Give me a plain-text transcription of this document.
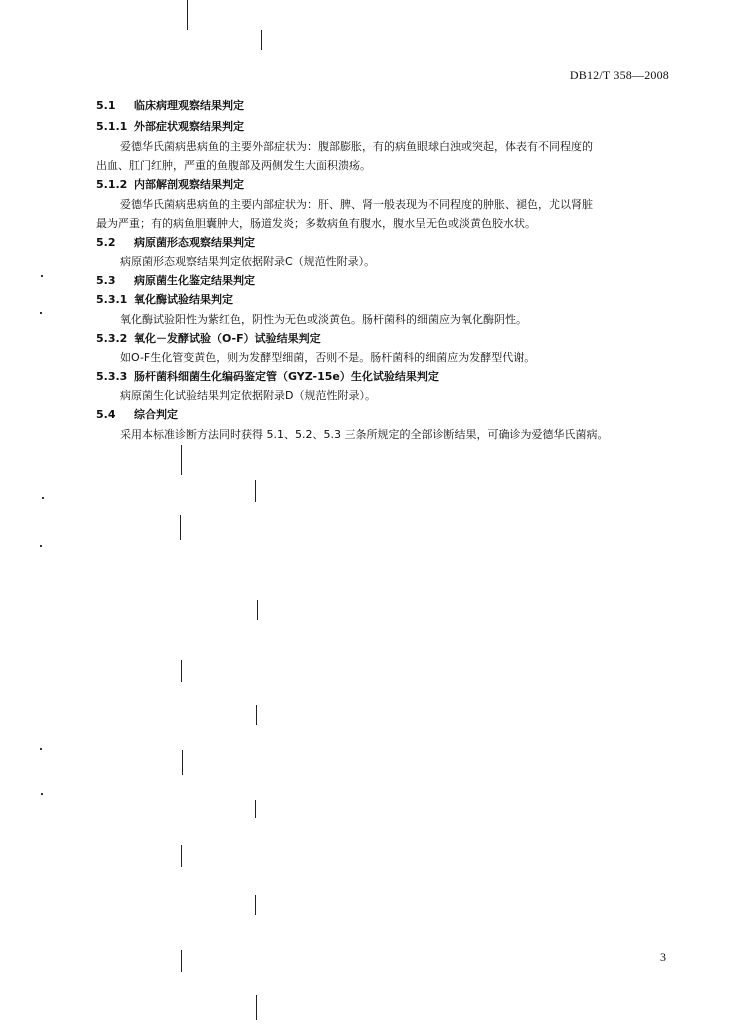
DB12/T 358—2008
5.1 临床病理观察结果判定
5.1.1 外部症状观察结果判定
爱德华氏菌病患病鱼的主要外部症状为：腹部膨胀，有的病鱼眼球白浊或突起，体表有不同程度的
出血、肛门红肿，严重的鱼腹部及两侧发生大面积溃疡。
5.1.2 内部解剖观察结果判定
爱德华氏菌病患病鱼的主要内部症状为：肝、脾、肾一般表现为不同程度的肿胀、褪色，尤以肾脏
最为严重；有的病鱼胆囊肿大，肠道发炎；多数病鱼有腹水，腹水呈无色或淡黄色胶水状。
5.2 病原菌形态观察结果判定
病原菌形态观察结果判定依据附录C（规范性附录）。
5.3 病原菌生化鉴定结果判定
5.3.1 氧化酶试验结果判定
氧化酶试验阳性为紫红色，阴性为无色或淡黄色。肠杆菌科的细菌应为氧化酶阴性。
5.3.2 氧化－发酵试验（O-F）试验结果判定
如O-F生化管变黄色，则为发酵型细菌，否则不是。肠杆菌科的细菌应为发酵型代谢。
5.3.3 肠杆菌科细菌生化编码鉴定管（GYZ-15e）生化试验结果判定
病原菌生化试验结果判定依据附录D（规范性附录）。
5.4 综合判定
采用本标准诊断方法同时获得 5.1、5.2、5.3 三条所规定的全部诊断结果，可确诊为爱德华氏菌病。
3
